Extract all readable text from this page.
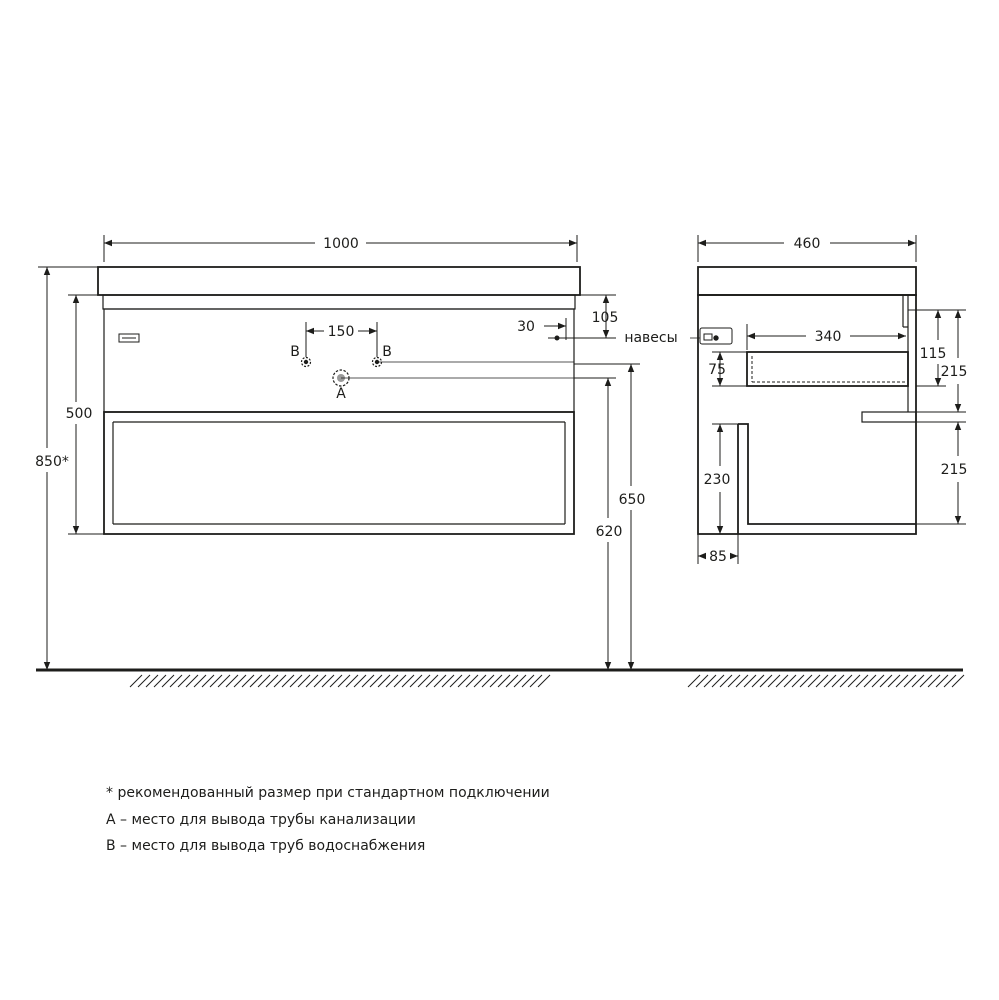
1000	460
850*
500
620
650
105
30
150	340
75
115
215
215
230
85
навесы
B	B
A
* рекомендованный размер при стандартном подключении
А – место для вывода трубы канализации
В – место для вывода труб водоснабжения
